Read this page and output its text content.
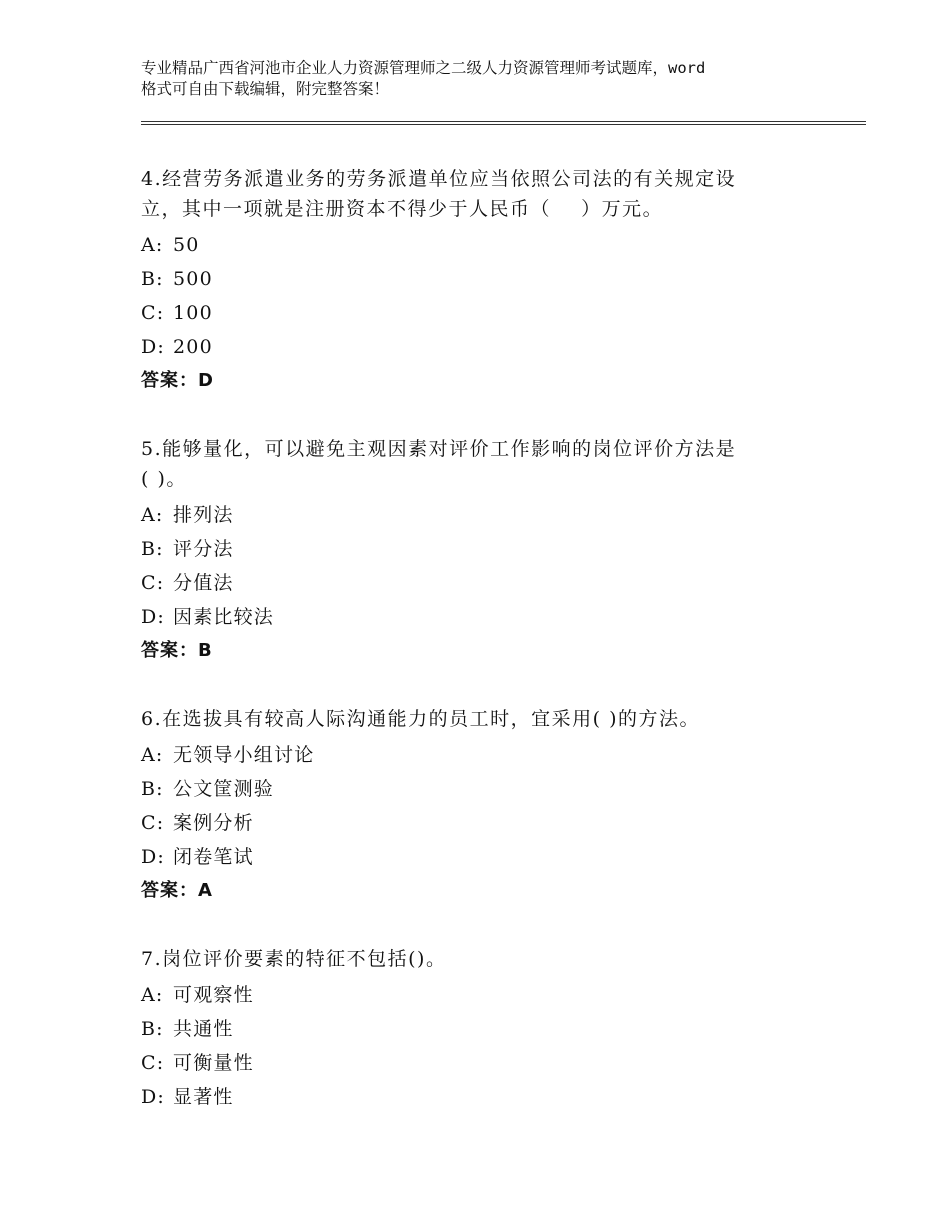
专业精品广西省河池市企业人力资源管理师之二级人力资源管理师考试题库，word
格式可自由下载编辑，附完整答案！
4.经营劳务派遣业务的劳务派遣单位应当依照公司法的有关规定设
立，其中一项就是注册资本不得少于人民币（    ）万元。
A: 50
B: 500
C: 100
D: 200
答案：D
5.能够量化，可以避免主观因素对评价工作影响的岗位评价方法是
( )。
A: 排列法
B: 评分法
C: 分值法
D: 因素比较法
答案：B
6.在选拔具有较高人际沟通能力的员工时，宜采用( )的方法。
A: 无领导小组讨论
B: 公文筐测验
C: 案例分析
D: 闭卷笔试
答案：A
7.岗位评价要素的特征不包括()。
A: 可观察性
B: 共通性
C: 可衡量性
D: 显著性
